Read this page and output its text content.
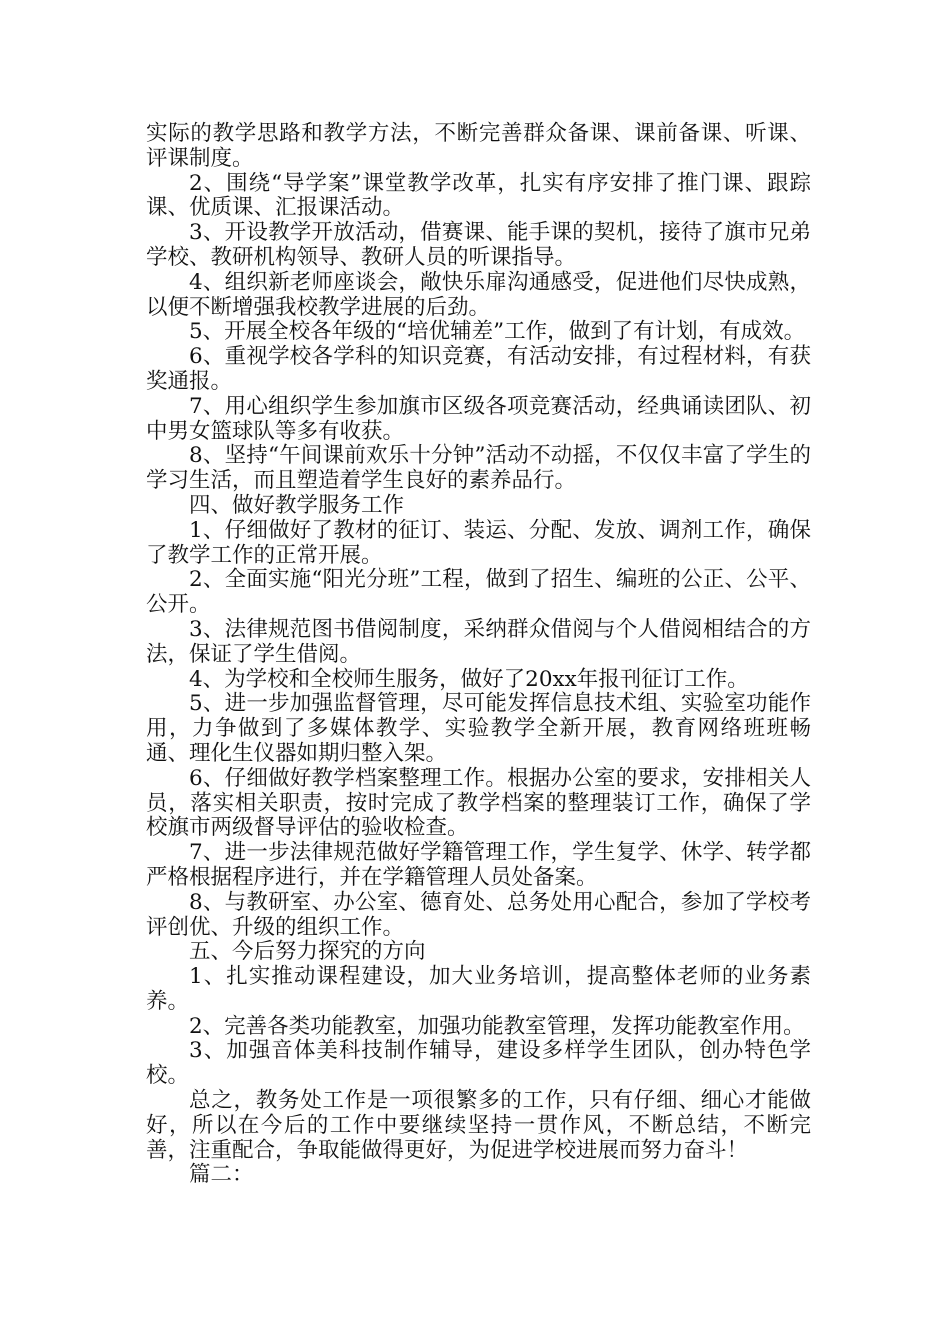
实际的教学思路和教学方法，不断完善群众备课、课前备课、听课、评课制度。

2、围绕“导学案”课堂教学改革，扎实有序安排了推门课、跟踪课、优质课、汇报课活动。

3、开设教学开放活动，借赛课、能手课的契机，接待了旗市兄弟学校、教研机构领导、教研人员的听课指导。

4、组织新老师座谈会，敞快乐扉沟通感受，促进他们尽快成熟，以便不断增强我校教学进展的后劲。

5、开展全校各年级的“培优辅差”工作，做到了有计划，有成效。

6、重视学校各学科的知识竞赛，有活动安排，有过程材料，有获奖通报。

7、用心组织学生参加旗市区级各项竞赛活动，经典诵读团队、初中男女篮球队等多有收获。

8、坚持“午间课前欢乐十分钟”活动不动摇，不仅仅丰富了学生的学习生活，而且塑造着学生良好的素养品行。

四、做好教学服务工作

1、仔细做好了教材的征订、装运、分配、发放、调剂工作，确保了教学工作的正常开展。

2、全面实施“阳光分班”工程，做到了招生、编班的公正、公平、公开。

3、法律规范图书借阅制度，采纳群众借阅与个人借阅相结合的方法，保证了学生借阅。

4、为学校和全校师生服务，做好了20xx年报刊征订工作。

5、进一步加强监督管理，尽可能发挥信息技术组、实验室功能作用，力争做到了多媒体教学、实验教学全新开展，教育网络班班畅通、理化生仪器如期归整入架。

6、仔细做好教学档案整理工作。根据办公室的要求，安排相关人员，落实相关职责，按时完成了教学档案的整理装订工作，确保了学校旗市两级督导评估的验收检查。

7、进一步法律规范做好学籍管理工作，学生复学、休学、转学都严格根据程序进行，并在学籍管理人员处备案。

8、与教研室、办公室、德育处、总务处用心配合，参加了学校考评创优、升级的组织工作。

五、今后努力探究的方向

1、扎实推动课程建设，加大业务培训，提高整体老师的业务素养。

2、完善各类功能教室，加强功能教室管理，发挥功能教室作用。

3、加强音体美科技制作辅导，建设多样学生团队，创办特色学校。

总之，教务处工作是一项很繁多的工作，只有仔细、细心才能做好，所以在今后的工作中要继续坚持一贯作风，不断总结，不断完善，注重配合，争取能做得更好，为促进学校进展而努力奋斗！

篇二：
